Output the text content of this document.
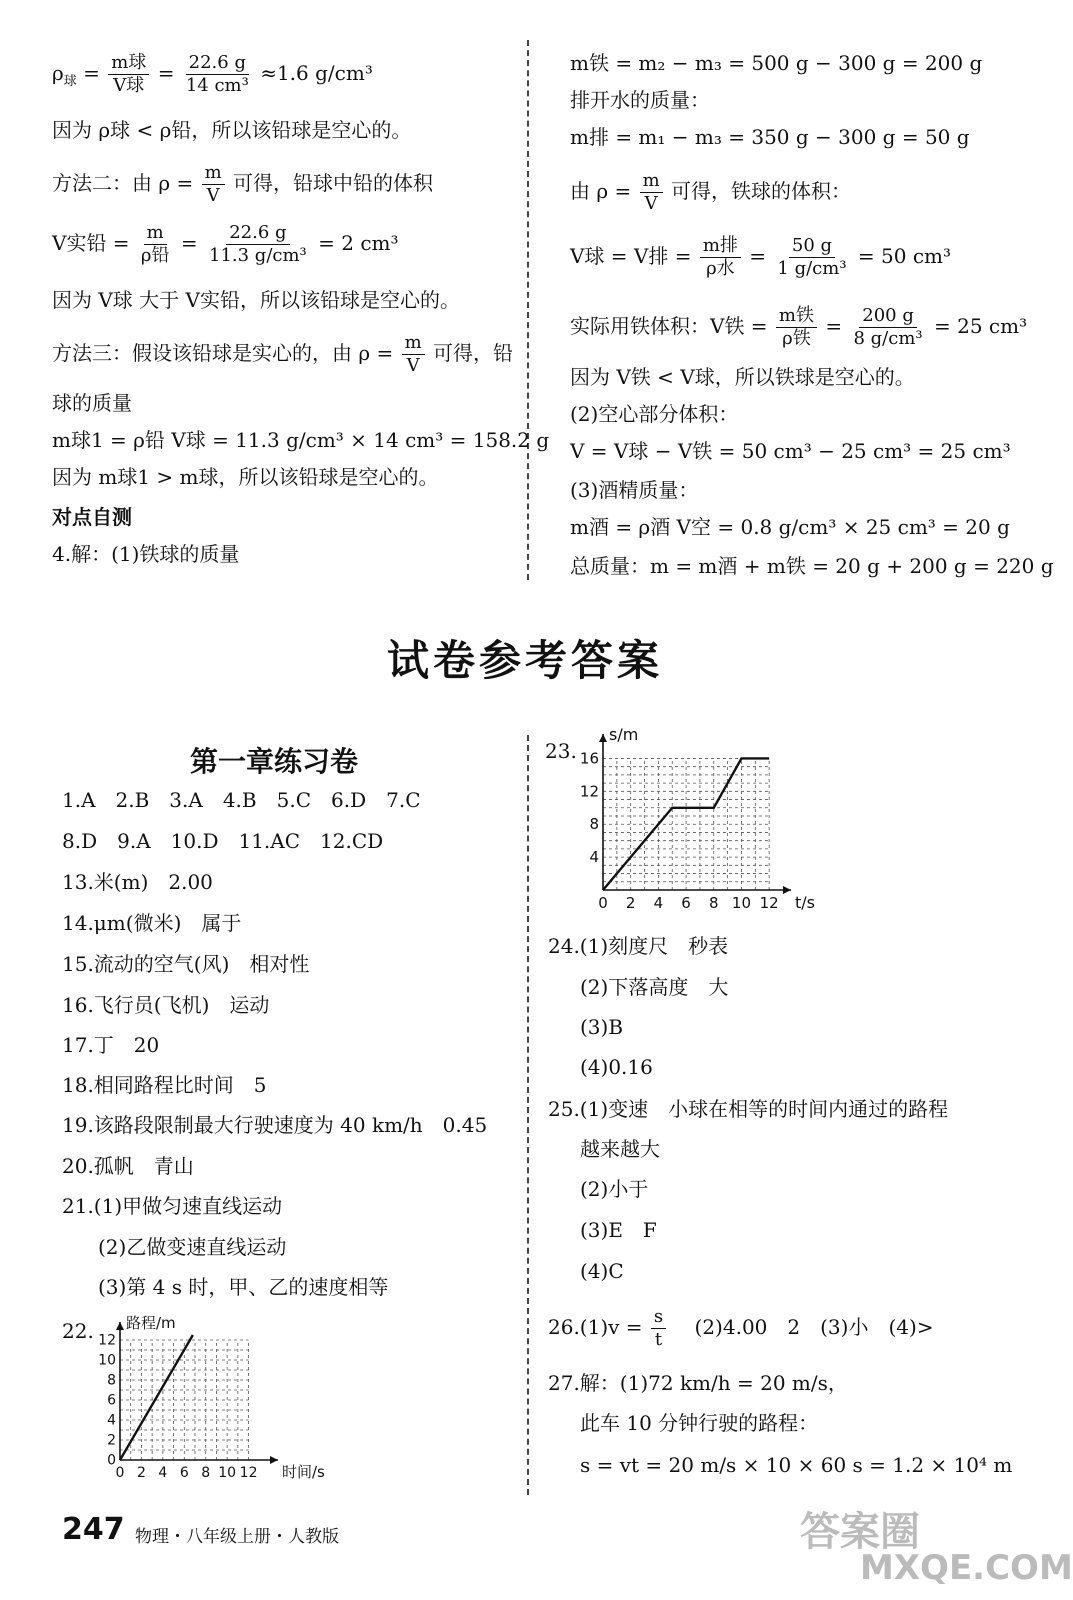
$\rho_球 = \frac{\text{m球}}{\text{V球}} = \frac{22.6 g}{\text{14 cm³}} \approx 1.6$ g/cm³
因为 ρ球 < ρ铅，所以该铅球是空心的。
方法二：由 $\rho = \frac{m}{V}$ 可得，铅球中铅的体积
V实铅 = $\frac{m}{\text{ρ铅}} = \frac{22.6 g}{\text{11.3 g/cm³}} = 2$ cm³
因为 V球 大于 V实铅，所以该铅球是空心的。
方法三：假设该铅球是实心的，由 $\rho = \frac{m}{V}$ 可得，铅
球的质量
m球1 = ρ铅 V球 = 11.3 g/cm³ × 14 cm³ = 158.2 g
因为 m球1 > m球，所以该铅球是空心的。
对点自测
4.解：(1)铁球的质量
m铁 = m₂ − m₃ = 500 g − 300 g = 200 g
排开水的质量：
m排 = m₁ − m₃ = 350 g − 300 g = 50 g
由 $\rho = \frac{m}{V}$ 可得，铁球的体积：
V球 = V排 = $\frac{\text{m排}}{\text{ρ水}} = \frac{50 g}{\text{1 g/cm³}} = 50$ cm³
实际用铁体积：V铁 = $\frac{\text{m铁}}{\text{ρ铁}} = \frac{200 g}{\text{8 g/cm³}} = 25$ cm³
因为 V铁 < V球，所以铁球是空心的。
(2)空心部分体积：
V = V球 − V铁 = 50 cm³ − 25 cm³ = 25 cm³
(3)酒精质量：
m酒 = ρ酒 V空 = 0.8 g/cm³ × 25 cm³ = 20 g
总质量：m = m酒 + m铁 = 20 g + 200 g = 220 g
试卷参考答案
第一章练习卷
1.A　2.B　3.A　4.B　5.C　6.D　7.C
8.D　9.A　10.D　11.AC　12.CD
13.米(m)　2.00
14.μm(微米)　属于
15.流动的空气(风)　相对性
16.飞行员(飞机)　运动
17.丁　20
18.相同路程比时间　5
19.该路段限制最大行驶速度为 40 km/h　0.45
20.孤帆　青山
21.(1)甲做匀速直线运动
(2)乙做变速直线运动
(3)第 4 s 时，甲、乙的速度相等
22.
0 2 4 6 8 10 12
0
2
4
6
8
10
12
路程/m
时间/s
23.
24.(1)刻度尺　秒表
(2)下落高度　大
(3)B
(4)0.16
25.(1)变速　小球在相等的时间内通过的路程
越来越大
(2)小于
(3)E　F
(4)C
$26.(1)v = \frac{s}{t}$ 　(2)4.00　2　(3)小　(4)>
27.解：(1)72 km/h = 20 m/s，
此车 10 分钟行驶的路程：
s = vt = 20 m/s × 10 × 60 s = 1.2 × 10⁴ m
0 2 4 6 8 10 12
4
8
12
16
s/m
t/s
247 物理・八年级上册・人教版	答案圈
MXQE.COM
